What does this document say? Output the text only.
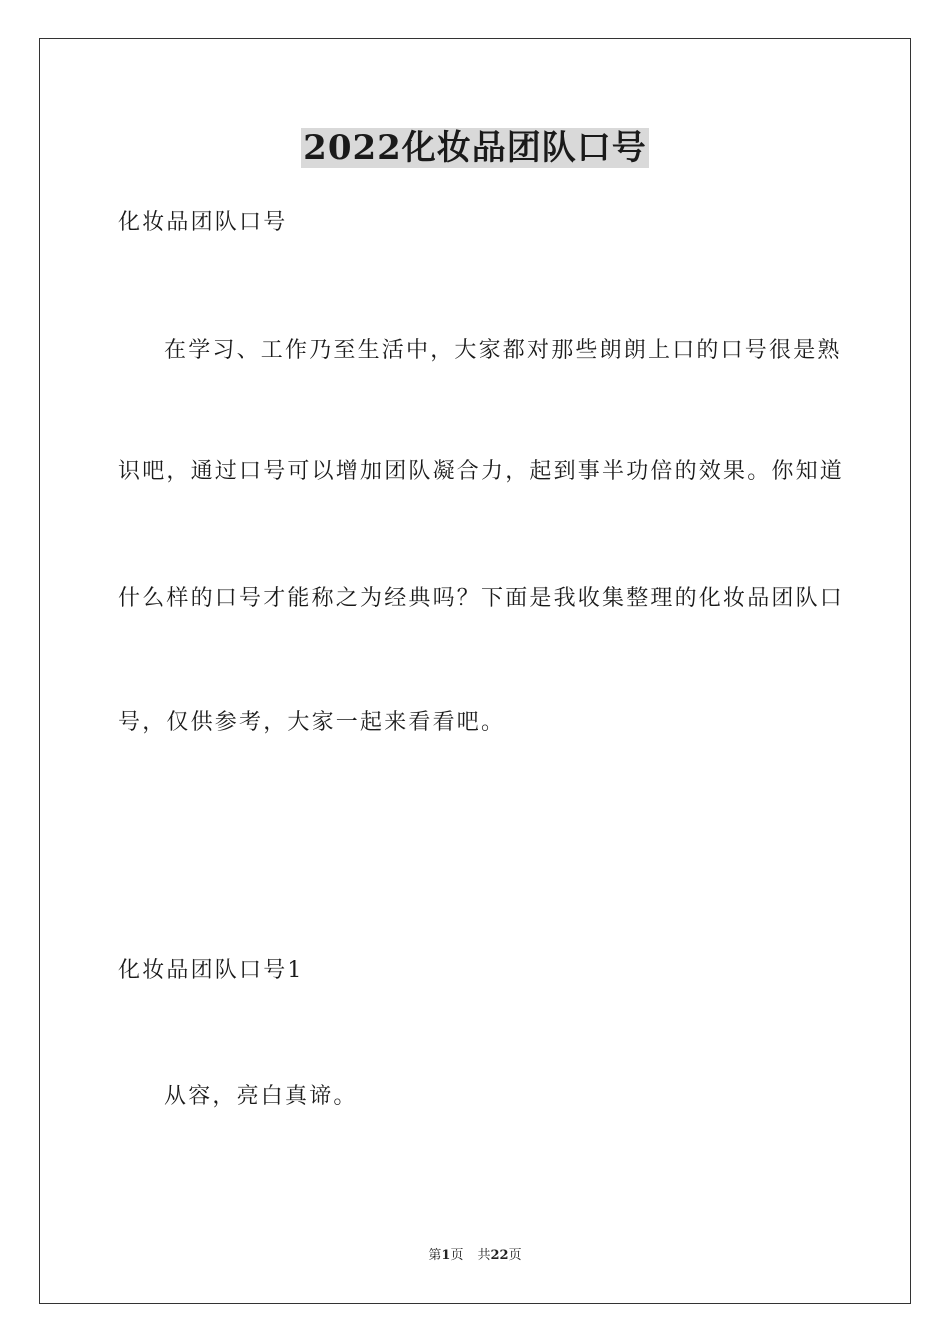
2022化妆品团队口号
化妆品团队口号
在学习、工作乃至生活中，大家都对那些朗朗上口的口号很是熟
识吧，通过口号可以增加团队凝合力，起到事半功倍的效果。你知道
什么样的口号才能称之为经典吗？下面是我收集整理的化妆品团队口
号，仅供参考，大家一起来看看吧。
化妆品团队口号1
从容，亮白真谛。
第1页 共22页
